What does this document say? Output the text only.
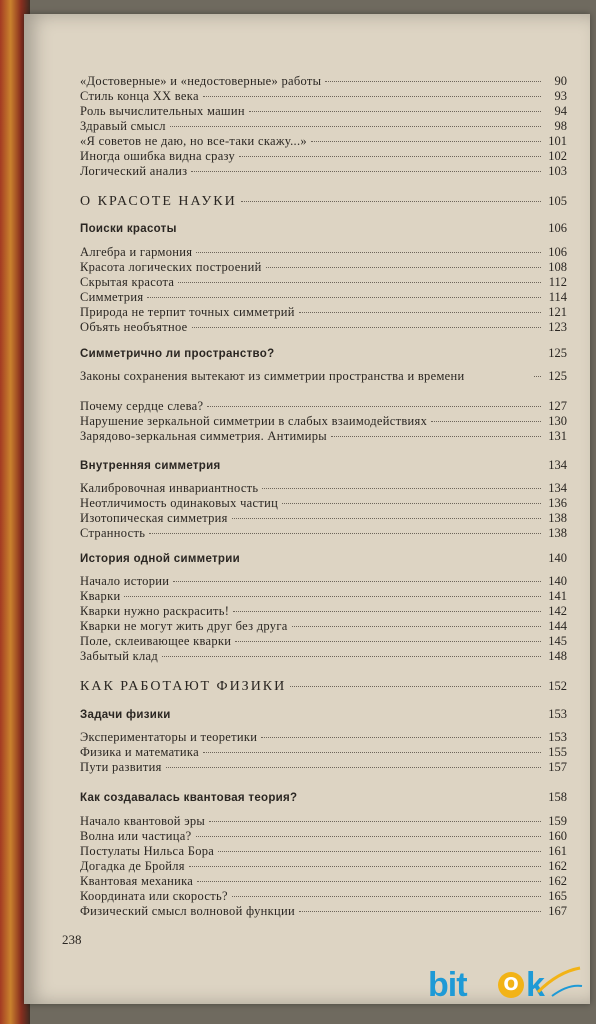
«Достоверные» и «недостоверные» работы	90
Стиль конца XX века	93
Роль вычислительных машин	94
Здравый смысл	98
«Я советов не даю, но все-таки скажу...»	101
Иногда ошибка видна сразу	102
Логический анализ	103
О КРАСОТЕ НАУКИ	105
Поиски красоты	106
Алгебра и гармония	106
Красота логических построений	108
Скрытая красота	112
Симметрия	114
Природа не терпит точных симметрий	121
Объять необъятное	123
Симметрично ли пространство?	125
Законы сохранения вытекают из симметрии пространства и времени	125
Почему сердце слева?	127
Нарушение зеркальной симметрии в слабых взаимодействиях	130
Зарядово-зеркальная симметрия. Антимиры	131
Внутренняя симметрия	134
Калибровочная инвариантность	134
Неотличимость одинаковых частиц	136
Изотопическая симметрия	138
Странность	138
История одной симметрии	140
Начало истории	140
Кварки	141
Кварки нужно раскрасить!	142
Кварки не могут жить друг без друга	144
Поле, склеивающее кварки	145
Забытый клад	148
КАК РАБОТАЮТ ФИЗИКИ	152
Задачи физики	153
Экспериментаторы и теоретики	153
Физика и математика	155
Пути развития	157
Как создавалась квантовая теория?	158
Начало квантовой эры	159
Волна или частица?	160
Постулаты Нильса Бора	161
Догадка де Бройля	162
Квантовая механика	162
Координата или скорость?	165
Физический смысл волновой функции	167
238
bit О k
